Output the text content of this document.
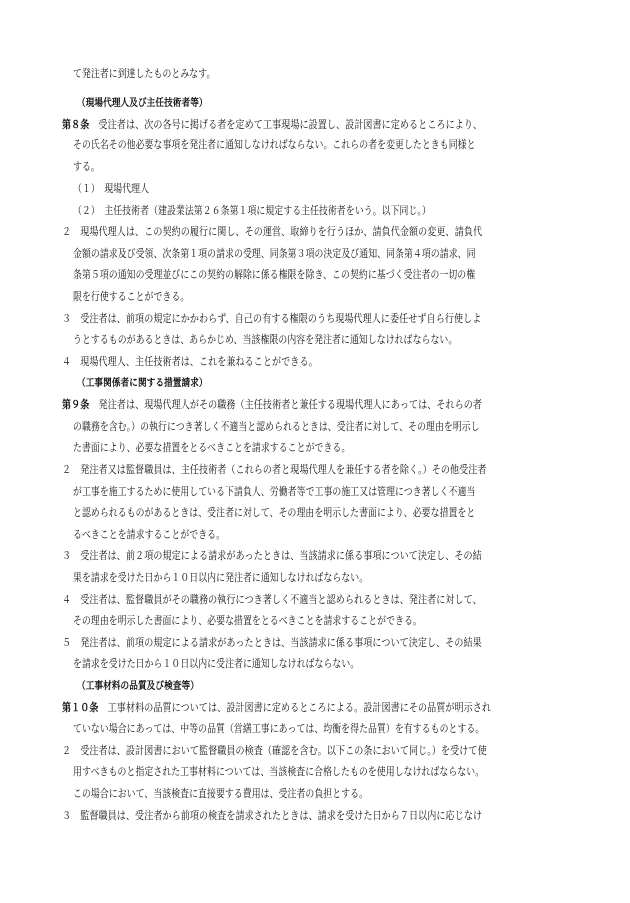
て発注者に到達したものとみなす。
（現場代理人及び主任技術者等）
第８条　 受注者は、次の各号に掲げる者を定めて工事現場に設置し、設計図書に定めるところにより、
その氏名その他必要な事項を発注者に通知しなければならない。これらの者を変更したときも同様と
する。
（１）　現場代理人
（２）　主任技術者（建設業法第２６条第１項に規定する主任技術者をいう。以下同じ。）
２　現場代理人は、この契約の履行に関し、その運営、取締りを行うほか、請負代金額の変更、請負代
金額の請求及び受領、次条第１項の請求の受理、同条第３項の決定及び通知、同条第４項の請求、同
条第５項の通知の受理並びにこの契約の解除に係る権限を除き、この契約に基づく受注者の一切の権
限を行使することができる。
３　受注者は、前項の規定にかかわらず、自己の有する権限のうち現場代理人に委任せず自ら行使しよ
うとするものがあるときは、あらかじめ、当該権限の内容を発注者に通知しなければならない。
４　現場代理人、主任技術者は、これを兼ねることができる。
（工事関係者に関する措置請求）
第９条　 発注者は、現場代理人がその職務（主任技術者と兼任する現場代理人にあっては、それらの者
の職務を含む。）の執行につき著しく不適当と認められるときは、受注者に対して、その理由を明示し
た書面により、必要な措置をとるべきことを請求することができる。
２　発注者又は監督職員は、主任技術者（これらの者と現場代理人を兼任する者を除く。）その他受注者
が工事を施工するために使用している下請負人、労働者等で工事の施工又は管理につき著しく不適当
と認められるものがあるときは、受注者に対して、その理由を明示した書面により、必要な措置をと
るべきことを請求することができる。
３　受注者は、前２項の規定による請求があったときは、当該請求に係る事項について決定し、その結
果を請求を受けた日から１０日以内に発注者に通知しなければならない。
４　受注者は、監督職員がその職務の執行につき著しく不適当と認められるときは、発注者に対して、
その理由を明示した書面により、必要な措置をとるべきことを請求することができる。
５　発注者は、前項の規定による請求があったときは、当該請求に係る事項について決定し、その結果
を請求を受けた日から１０日以内に受注者に通知しなければならない。
（工事材料の品質及び検査等）
第１０条　 工事材料の品質については、設計図書に定めるところによる。設計図書にその品質が明示され
ていない場合にあっては、中等の品質（営繕工事にあっては、均衡を得た品質）を有するものとする。
２　受注者は、設計図書において監督職員の検査（確認を含む。以下この条において同じ。）を受けて使
用すべきものと指定された工事材料については、当該検査に合格したものを使用しなければならない。
この場合において、当該検査に直接要する費用は、受注者の負担とする。
３　監督職員は、受注者から前項の検査を請求されたときは、請求を受けた日から７日以内に応じなけ
